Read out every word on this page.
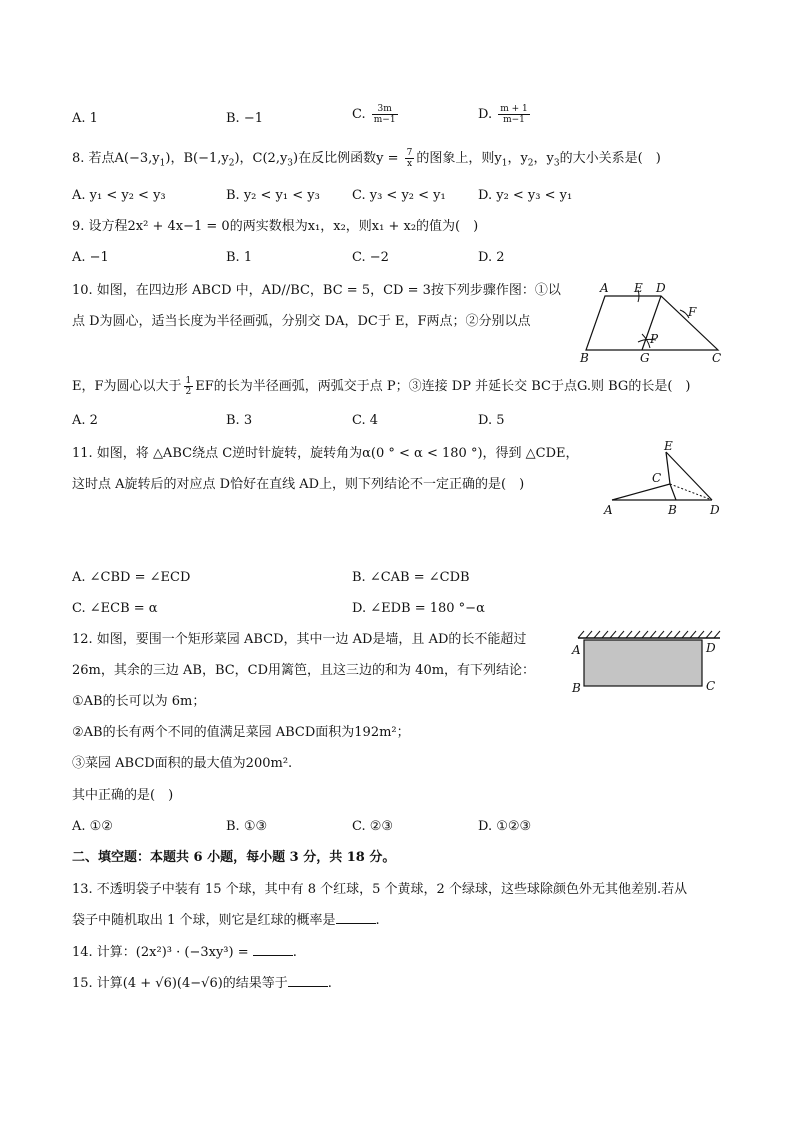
A. 1	B. −1	C. $\frac{3m}{m-1}$	D. $\frac{m + 1}{m-1}$
8. 若点$A(-3,y_1)$，$B(-1,y_2)$，$C(2,y_3)$在反比例函数$y = \frac{7}{x}$ 的图象上，则$y_1$，$y_2$，$y_3$的大小关系是(　)
A. y₁ < y₂ < y₃	B. y₂ < y₁ < y₃ C. y₃ < y₂ < y₁ D. y₂ < y₃ < y₁
9. 设方程2x² + 4x−1 = 0的两实数根为x₁，x₂，则x₁ + x₂的值为(　)
A. −1	B. 1	C. −2	D. 2
10. 如图，在四边形 ABCD 中，AD//BC，BC = 5，CD = 3按下列步骤作图：①以
点 D为圆心，适当长度为半径画弧，分别交 DA，DC于 E，F两点；②分别以点
E，F为圆心以大于 $\frac{1}{2}$ EF的长为半径画弧，两弧交于点 P；③连接 DP 并延长交 BC于点G.则 BG的长是(　)
A. 2	B. 3	C. 4	D. 5
A E D
F
P
B	G	C
11. 如图，将 △ABC绕点 C逆时针旋转，旋转角为α(0 ° < α < 180 °)，得到 △CDE，
这时点 A旋转后的对应点 D恰好在直线 AD上，则下列结论不一定正确的是(　)
A. ∠CBD = ∠ECD	B. ∠CAB = ∠CDB
C. ∠ECB = α	D. ∠EDB = 180 °−α
E
C
A	B	D
12. 如图，要围一个矩形菜园 ABCD，其中一边 AD是墙，且 AD的长不能超过
26m，其余的三边 AB，BC，CD用篱笆，且这三边的和为 40m，有下列结论：
①AB的长可以为 6m；
②AB的长有两个不同的值满足菜园 ABCD面积为192m²；
③菜园 ABCD面积的最大值为200m².
其中正确的是(　)
A. ①②	B. ①③	C. ②③	D. ①②③
A	D
B	C
二、填空题：本题共 6 小题，每小题 3 分，共 18 分。
13. 不透明袋子中装有 15 个球，其中有 8 个红球，5 个黄球，2 个绿球，这些球除颜色外无其他差别.若从
袋子中随机取出 1 个球，则它是红球的概率是	.
14. 计算：(2x²)³ · (−3xy³) =	.
15. 计算(4 + √6)(4−√6)的结果等于	.
